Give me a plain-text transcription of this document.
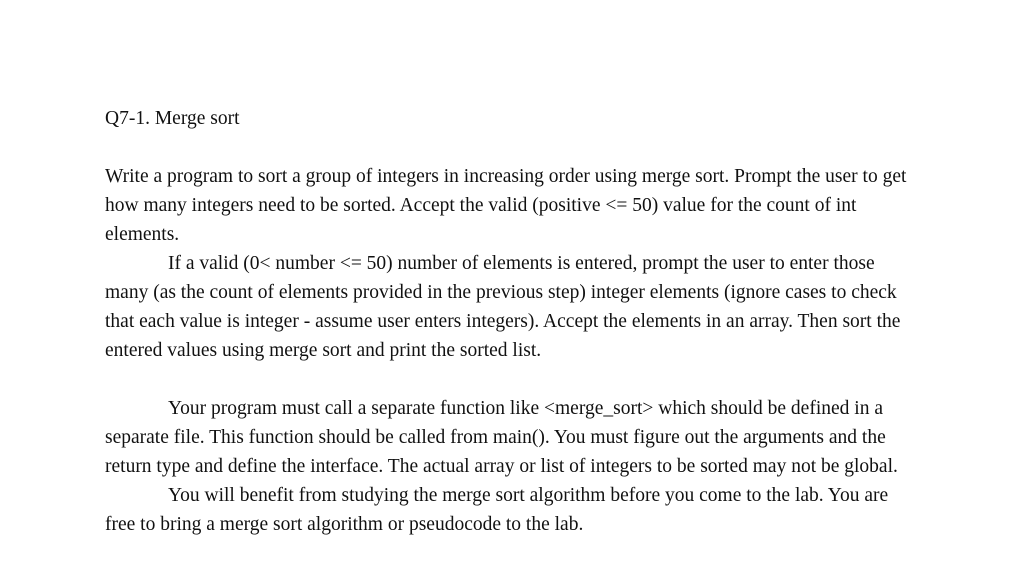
Q7-1. Merge sort

Write a program to sort a group of integers in increasing order using merge sort. Prompt the user to get how many integers need to be sorted. Accept the valid (positive <= 50) value for the count of int elements.

If a valid (0< number <= 50) number of elements is entered, prompt the user to enter those many (as the count of elements provided in the previous step) integer elements (ignore cases to check that each value is integer - assume user enters integers). Accept the elements in an array. Then sort the entered values using merge sort and print the sorted list.

Your program must call a separate function like <merge_sort> which should be defined in a separate file. This function should be called from main(). You must figure out the arguments and the return type and define the interface. The actual array or list of integers to be sorted may not be global.

You will benefit from studying the merge sort algorithm before you come to the lab. You are free to bring a merge sort algorithm or pseudocode to the lab.
